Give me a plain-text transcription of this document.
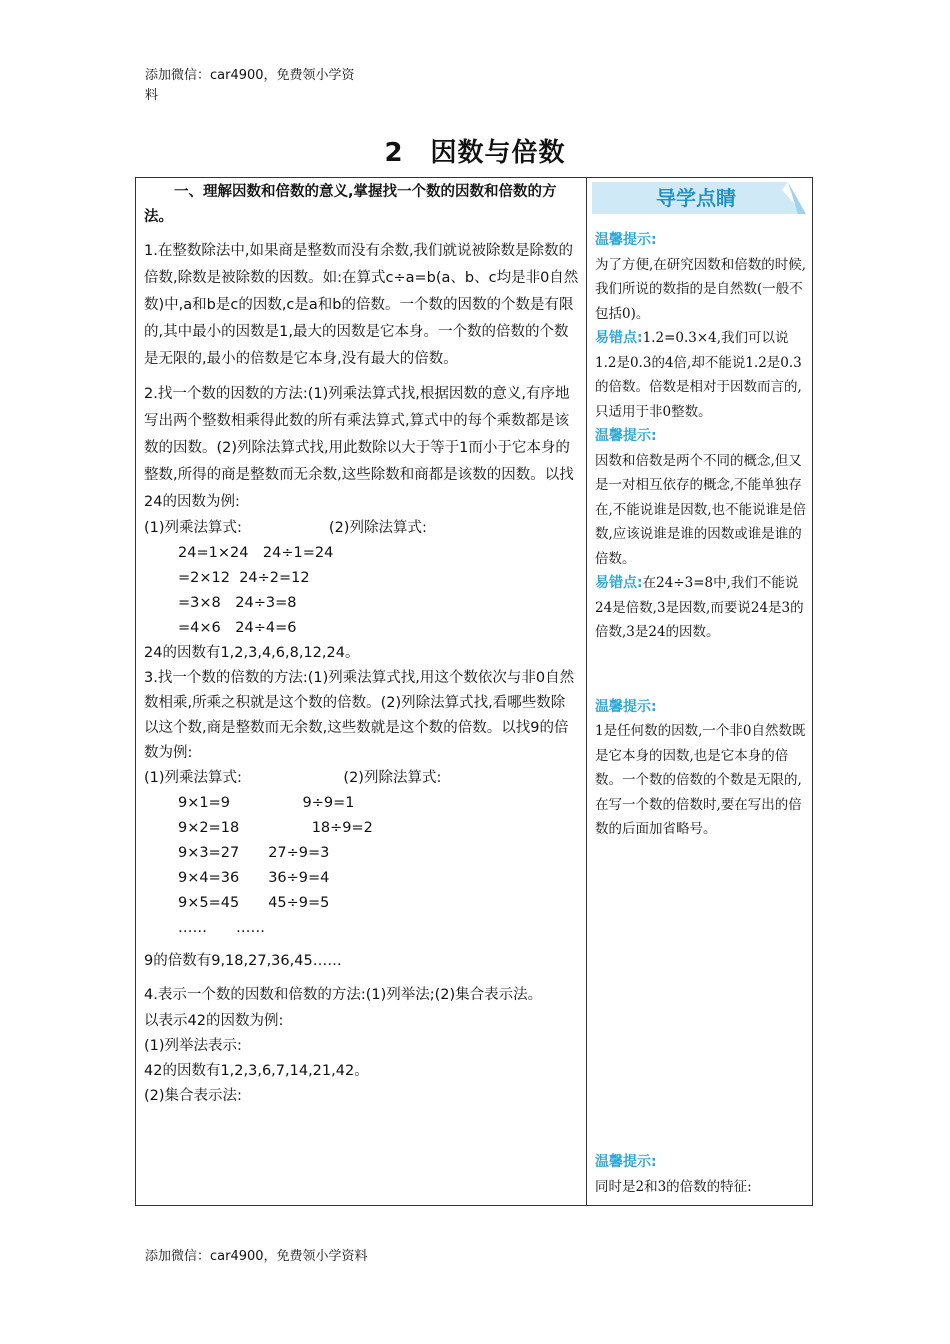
添加微信：car4900，免费领小学资
料
2　因数与倍数

一、理解因数和倍数的意义,掌握找一个数的因数和倍数的方法。

1.在整数除法中,如果商是整数而没有余数,我们就说被除数是除数的倍数,除数是被除数的因数。如:在算式c÷a=b(a、b、c均是非0自然数)中,a和b是c的因数,c是a和b的倍数。一个数的因数的个数是有限的,其中最小的因数是1,最大的因数是它本身。一个数的倍数的个数是无限的,最小的倍数是它本身,没有最大的倍数。

2.找一个数的因数的方法:(1)列乘法算式找,根据因数的意义,有序地写出两个整数相乘得此数的所有乘法算式,算式中的每个乘数都是该数的因数。(2)列除法算式找,用此数除以大于等于1而小于它本身的整数,所得的商是整数而无余数,这些除数和商都是该数的因数。以找24的因数为例:

(1)列乘法算式:　　　　　　(2)列除法算式:

24=1×24　24÷1=24

=2×12  24÷2=12

=3×8　24÷3=8

=4×6　24÷4=6

24的因数有1,2,3,4,6,8,12,24。

3.找一个数的倍数的方法:(1)列乘法算式找,用这个数依次与非0自然数相乘,所乘之积就是这个数的倍数。(2)列除法算式找,看哪些数除以这个数,商是整数而无余数,这些数就是这个数的倍数。以找9的倍数为例:

(1)列乘法算式:　　　　　　　(2)列除法算式:

9×1=9　　　　　9÷9=1

9×2=18　　　　　18÷9=2

9×3=27　　27÷9=3

9×4=36　　36÷9=4

9×5=45　　45÷9=5

……　　……

9的倍数有9,18,27,36,45……

4.表示一个数的因数和倍数的方法:(1)列举法;(2)集合表示法。

以表示42的因数为例:

(1)列举法表示:

42的因数有1,2,3,6,7,14,21,42。

(2)集合表示法:

导学点睛

温馨提示:

为了方便,在研究因数和倍数的时候,我们所说的数指的是自然数(一般不包括0)。

易错点:1.2=0.3×4,我们可以说1.2是0.3的4倍,却不能说1.2是0.3的倍数。倍数是相对于因数而言的,只适用于非0整数。

温馨提示:

因数和倍数是两个不同的概念,但又是一对相互依存的概念,不能单独存在,不能说谁是因数,也不能说谁是倍数,应该说谁是谁的因数或谁是谁的倍数。

易错点:在24÷3=8中,我们不能说24是倍数,3是因数,而要说24是3的倍数,3是24的因数。

温馨提示:

1是任何数的因数,一个非0自然数既是它本身的因数,也是它本身的倍数。一个数的倍数的个数是无限的,在写一个数的倍数时,要在写出的倍数的后面加省略号。

温馨提示:

同时是2和3的倍数的特征:

添加微信：car4900，免费领小学资料
